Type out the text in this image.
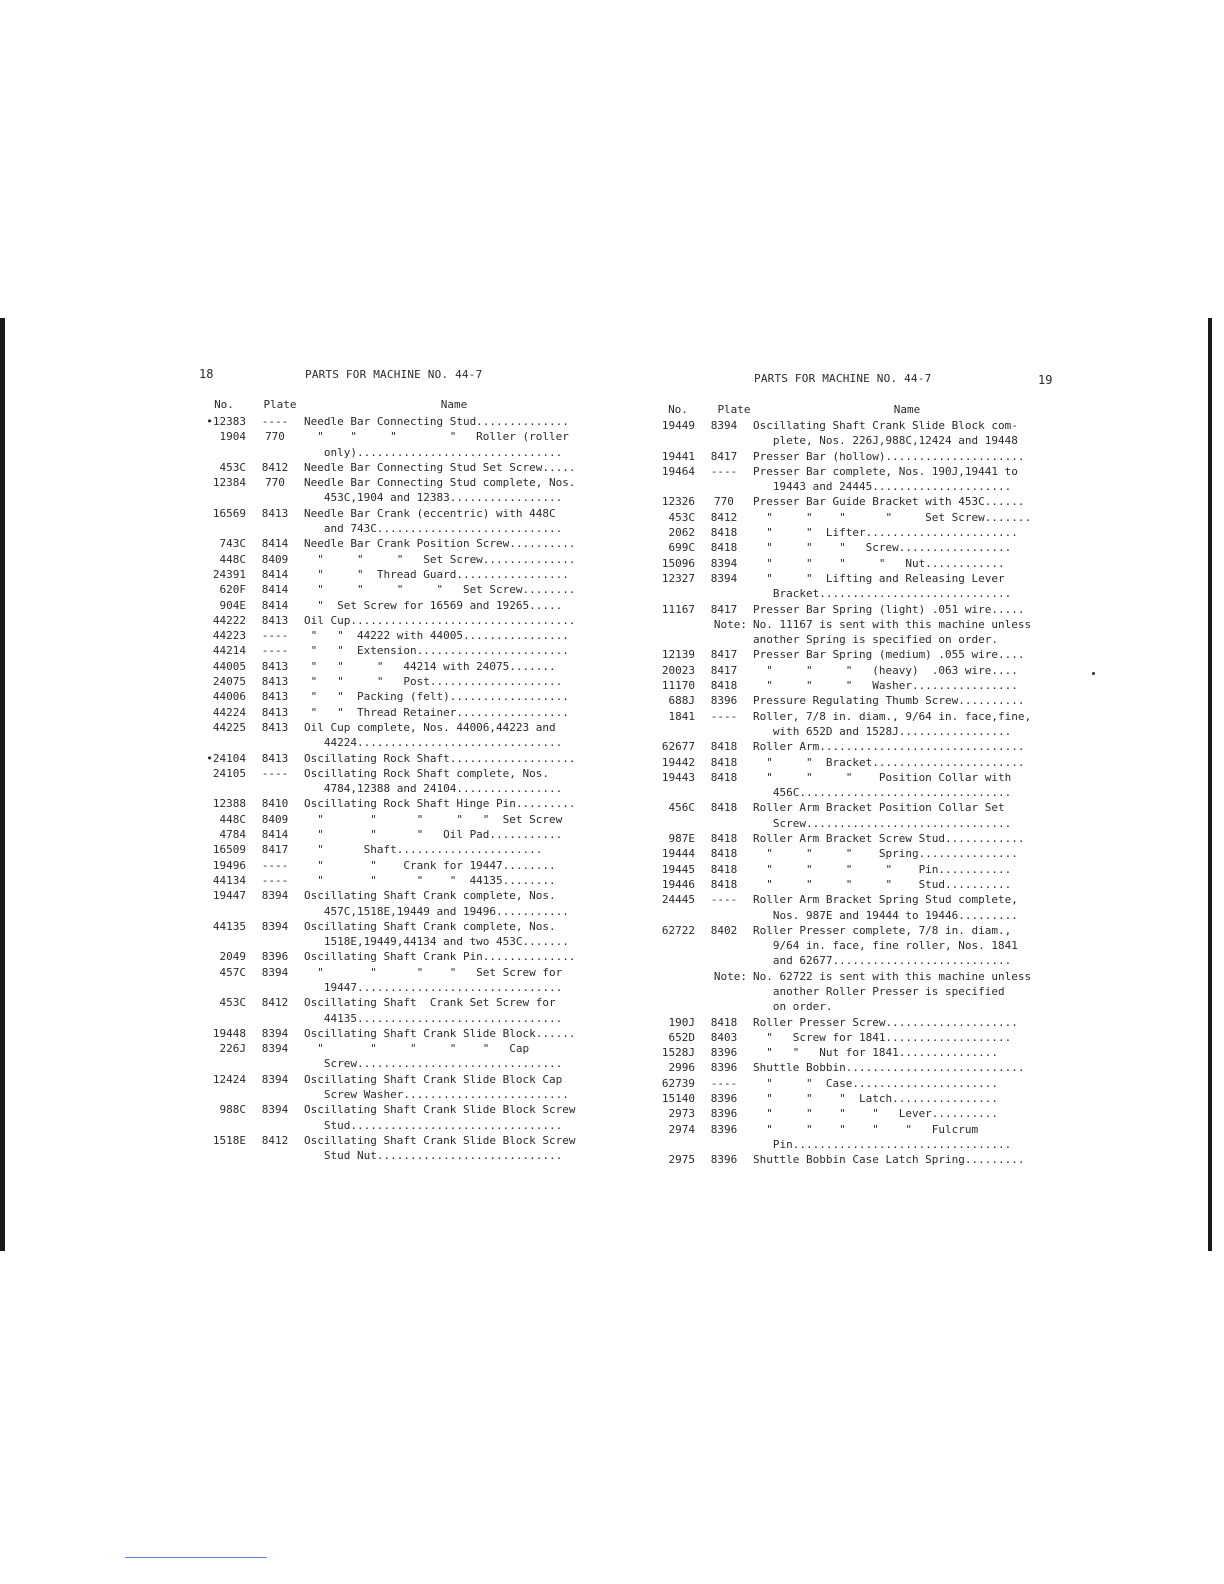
18	PARTS FOR MACHINE NO. 44-7
No.	Plate	Name
•12383	----	Needle Bar Connecting Stud..............
1904	770	"    "     "        "   Roller (roller
only)...............................
453C	8412	Needle Bar Connecting Stud Set Screw.....
12384	770	Needle Bar Connecting Stud complete, Nos.
453C,1904 and 12383.................
16569	8413	Needle Bar Crank (eccentric) with 448C
and 743C............................
743C	8414	Needle Bar Crank Position Screw..........
448C	8409	"     "     "   Set Screw..............
24391	8414	"     "  Thread Guard.................
620F	8414	"     "     "     "   Set Screw........
904E	8414	"  Set Screw for 16569 and 19265.....
44222	8413	Oil Cup..................................
44223	----	"   "  44222 with 44005................
44214	----	"   "  Extension.......................
44005	8413	"   "     "   44214 with 24075.......
24075	8413	"   "     "   Post....................
44006	8413	"   "  Packing (felt)..................
44224	8413	"   "  Thread Retainer.................
44225	8413	Oil Cup complete, Nos. 44006,44223 and
44224...............................
•24104	8413	Oscillating Rock Shaft...................
24105	----	Oscillating Rock Shaft complete, Nos.
4784,12388 and 24104................
12388	8410	Oscillating Rock Shaft Hinge Pin.........
448C	8409	"       "      "     "   "  Set Screw
4784	8414	"       "      "   Oil Pad...........
16509	8417	"      Shaft......................
19496	----	"       "    Crank for 19447........
44134	----	"       "      "    "  44135........
19447	8394	Oscillating Shaft Crank complete, Nos.
457C,1518E,19449 and 19496...........
44135	8394	Oscillating Shaft Crank complete, Nos.
1518E,19449,44134 and two 453C.......
2049	8396	Oscillating Shaft Crank Pin..............
457C	8394	"       "      "    "   Set Screw for
19447...............................
453C	8412	Oscillating Shaft  Crank Set Screw for
44135...............................
19448	8394	Oscillating Shaft Crank Slide Block......
226J	8394	"       "     "     "    "   Cap
Screw...............................
12424	8394	Oscillating Shaft Crank Slide Block Cap
Screw Washer.........................
988C	8394	Oscillating Shaft Crank Slide Block Screw
Stud................................
1518E	8412	Oscillating Shaft Crank Slide Block Screw
Stud Nut............................
PARTS FOR MACHINE NO. 44-7	19
No.	Plate	Name
19449	8394	Oscillating Shaft Crank Slide Block com-
plete, Nos. 226J,988C,12424 and 19448
19441	8417	Presser Bar (hollow).....................
19464	----	Presser Bar complete, Nos. 190J,19441 to
19443 and 24445.....................
12326	770	Presser Bar Guide Bracket with 453C......
453C	8412	"     "    "      "     Set Screw.......
2062	8418	"     "  Lifter.......................
699C	8418	"     "    "   Screw.................
15096	8394	"     "    "     "   Nut............
12327	8394	"     "  Lifting and Releasing Lever
Bracket.............................
11167	8417	Presser Bar Spring (light) .051 wire.....
Note: No. 11167 is sent with this machine unless
another Spring is specified on order.
12139	8417	Presser Bar Spring (medium) .055 wire....
20023	8417	"     "     "   (heavy)  .063 wire....
11170	8418	"     "     "   Washer................
688J	8396	Pressure Regulating Thumb Screw..........
1841	----	Roller, 7/8 in. diam., 9/64 in. face,fine,
with 652D and 1528J.................
62677	8418	Roller Arm...............................
19442	8418	"     "  Bracket.......................
19443	8418	"     "     "    Position Collar with
456C................................
456C	8418	Roller Arm Bracket Position Collar Set
Screw...............................
987E	8418	Roller Arm Bracket Screw Stud............
19444	8418	"     "     "    Spring...............
19445	8418	"     "     "     "    Pin...........
19446	8418	"     "     "     "    Stud..........
24445	----	Roller Arm Bracket Spring Stud complete,
Nos. 987E and 19444 to 19446.........
62722	8402	Roller Presser complete, 7/8 in. diam.,
9/64 in. face, fine roller, Nos. 1841
and 62677...........................
Note: No. 62722 is sent with this machine unless
another Roller Presser is specified
on order.
190J	8418	Roller Presser Screw....................
652D	8403	"   Screw for 1841...................
1528J	8396	"   "   Nut for 1841...............
2996	8396	Shuttle Bobbin...........................
62739	----	"     "  Case......................
15140	8396	"     "    "  Latch................
2973	8396	"     "    "    "   Lever..........
2974	8396	"     "    "    "    "   Fulcrum
Pin.................................
2975	8396	Shuttle Bobbin Case Latch Spring.........
